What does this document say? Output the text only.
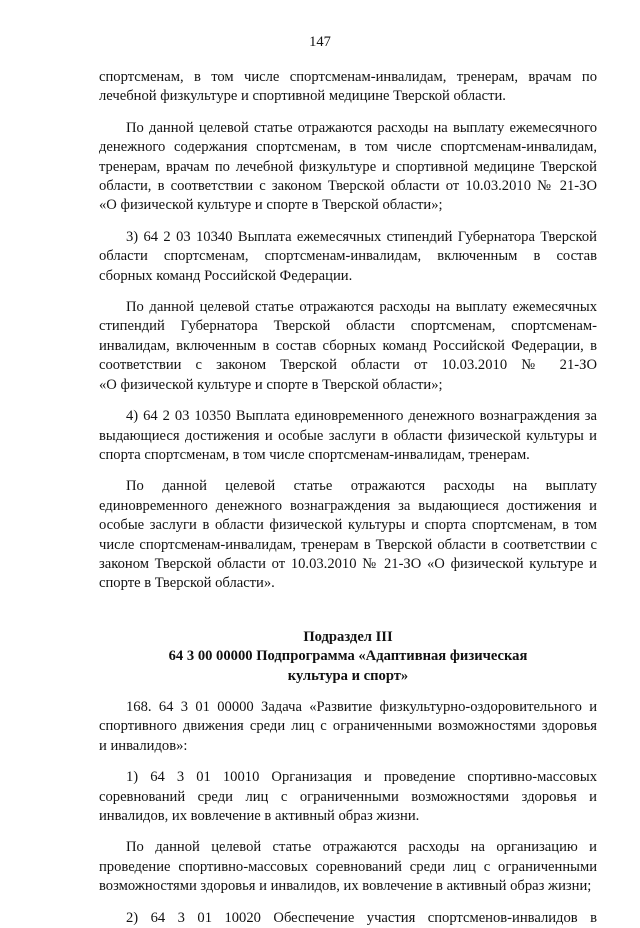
147

спортсменам, в том числе спортсменам-инвалидам, тренерам, врачам по
лечебной физкультуре и спортивной медицине Тверской области.

По данной целевой статье отражаются расходы на выплату ежемесячного
денежного содержания спортсменам, в том числе спортсменам-инвалидам,
тренерам, врачам по лечебной физкультуре и спортивной медицине Тверской
области, в соответствии с законом Тверской области от 10.03.2010 № 21-ЗО
«О физической культуре и спорте в Тверской области»;

3) 64 2 03 10340 Выплата ежемесячных стипендий Губернатора Тверской
области спортсменам, спортсменам-инвалидам, включенным в состав
сборных команд Российской Федерации.

По данной целевой статье отражаются расходы на выплату ежемесячных
стипендий Губернатора Тверской области спортсменам, спортсменам-
инвалидам, включенным в состав сборных команд Российской Федерации, в
соответствии с законом Тверской области от 10.03.2010 № 21-ЗО
«О физической культуре и спорте в Тверской области»;

4) 64 2 03 10350 Выплата единовременного денежного вознаграждения за
выдающиеся достижения и особые заслуги в области физической культуры и
спорта спортсменам, в том числе спортсменам-инвалидам, тренерам.

По данной целевой статье отражаются расходы на выплату
единовременного денежного вознаграждения за выдающиеся достижения и
особые заслуги в области физической культуры и спорта спортсменам, в том
числе спортсменам-инвалидам, тренерам в Тверской области в соответствии с
законом Тверской области от 10.03.2010 № 21-ЗО «О физической культуре и
спорте в Тверской области».

Подраздел III
64 3 00 00000 Подпрограмма «Адаптивная физическая
культура и спорт»

168. 64 3 01 00000 Задача «Развитие физкультурно-оздоровительного и
спортивного движения среди лиц с ограниченными возможностями здоровья
и инвалидов»:

1) 64 3 01 10010 Организация и проведение спортивно-массовых
соревнований среди лиц с ограниченными возможностями здоровья и
инвалидов, их вовлечение в активный образ жизни.

По данной целевой статье отражаются расходы на организацию и
проведение спортивно-массовых соревнований среди лиц с ограниченными
возможностями здоровья и инвалидов, их вовлечение в активный образ жизни;

2) 64 3 01 10020 Обеспечение участия спортсменов-инвалидов в
